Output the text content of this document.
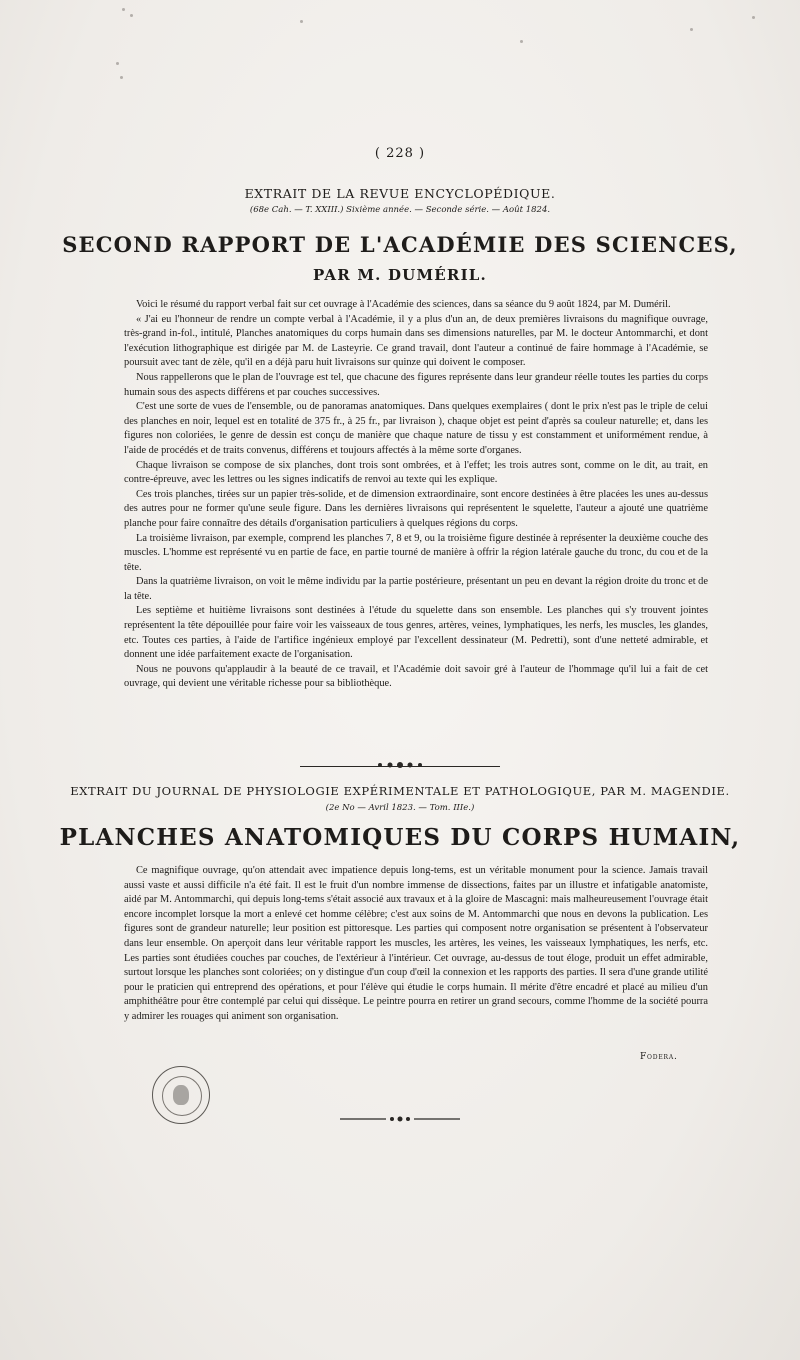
( 228 )
EXTRAIT DE LA REVUE ENCYCLOPÉDIQUE.
(68e Cah. — T. XXIII.) Sixième année. — Seconde série. — Août 1824.
SECOND RAPPORT DE L'ACADÉMIE DES SCIENCES,
PAR M. DUMÉRIL.

Voici le résumé du rapport verbal fait sur cet ouvrage à l'Académie des sciences, dans sa séance du 9 août 1824, par M. Duméril.

« J'ai eu l'honneur de rendre un compte verbal à l'Académie, il y a plus d'un an, de deux premières livraisons du magnifique ouvrage, très-grand in-fol., intitulé, Planches anatomiques du corps humain dans ses dimensions naturelles, par M. le docteur Antommarchi, et dont l'exécution lithographique est dirigée par M. de Lasteyrie. Ce grand travail, dont l'auteur a continué de faire hommage à l'Académie, se poursuit avec tant de zèle, qu'il en a déjà paru huit livraisons sur quinze qui doivent le composer.

Nous rappellerons que le plan de l'ouvrage est tel, que chacune des figures représente dans leur grandeur réelle toutes les parties du corps humain sous des aspects différens et par couches successives.

C'est une sorte de vues de l'ensemble, ou de panoramas anatomiques. Dans quelques exemplaires ( dont le prix n'est pas le triple de celui des planches en noir, lequel est en totalité de 375 fr., à 25 fr., par livraison ), chaque objet est peint d'après sa couleur naturelle; et, dans les figures non coloriées, le genre de dessin est conçu de manière que chaque nature de tissu y est constamment et uniformément rendue, à l'aide de procédés et de traits convenus, différens et toujours affectés à la même sorte d'organes.

Chaque livraison se compose de six planches, dont trois sont ombrées, et à l'effet; les trois autres sont, comme on le dit, au trait, en contre-épreuve, avec les lettres ou les signes indicatifs de renvoi au texte qui les explique.

Ces trois planches, tirées sur un papier très-solide, et de dimension extraordinaire, sont encore destinées à être placées les unes au-dessus des autres pour ne former qu'une seule figure. Dans les dernières livraisons qui représentent le squelette, l'auteur a ajouté une quatrième planche pour faire connaître des détails d'organisation particuliers à quelques régions du corps.

La troisième livraison, par exemple, comprend les planches 7, 8 et 9, ou la troisième figure destinée à représenter la deuxième couche des muscles. L'homme est représenté vu en partie de face, en partie tourné de manière à offrir la région latérale gauche du tronc, du cou et de la tête.

Dans la quatrième livraison, on voit le même individu par la partie postérieure, présentant un peu en devant la région droite du tronc et de la tête.

Les septième et huitième livraisons sont destinées à l'étude du squelette dans son ensemble. Les planches qui s'y trouvent jointes représentent la tête dépouillée pour faire voir les vaisseaux de tous genres, artères, veines, lymphatiques, les nerfs, les muscles, les glandes, etc. Toutes ces parties, à l'aide de l'artifice ingénieux employé par l'excellent dessinateur (M. Pedretti), sont d'une netteté admirable, et donnent une idée parfaitement exacte de l'organisation.

Nous ne pouvons qu'applaudir à la beauté de ce travail, et l'Académie doit savoir gré à l'auteur de l'hommage qu'il lui a fait de cet ouvrage, qui devient une véritable richesse pour sa bibliothèque.

EXTRAIT DU JOURNAL DE PHYSIOLOGIE EXPÉRIMENTALE ET PATHOLOGIQUE, PAR M. MAGENDIE.
(2e No — Avril 1823. — Tom. IIIe.)
PLANCHES ANATOMIQUES DU CORPS HUMAIN,

Ce magnifique ouvrage, qu'on attendait avec impatience depuis long-tems, est un véritable monument pour la science. Jamais travail aussi vaste et aussi difficile n'a été fait. Il est le fruit d'un nombre immense de dissections, faites par un illustre et infatigable anatomiste, aidé par M. Antommarchi, qui depuis long-tems s'était associé aux travaux et à la gloire de Mascagni: mais malheureusement l'ouvrage était encore incomplet lorsque la mort a enlevé cet homme célèbre; c'est aux soins de M. Antommarchi que nous en devons la publication. Les figures sont de grandeur naturelle; leur position est pittoresque. Les parties qui composent notre organisation se présentent à l'observateur dans leur ensemble. On aperçoit dans leur véritable rapport les muscles, les artères, les veines, les vaisseaux lymphatiques, les nerfs, etc. Les parties sont étudiées couches par couches, de l'extérieur à l'intérieur. Cet ouvrage, au-dessus de tout éloge, produit un effet admirable, surtout lorsque les planches sont coloriées; on y distingue d'un coup d'œil la connexion et les rapports des parties. Il sera d'une grande utilité pour le praticien qui entreprend des opérations, et pour l'élève qui étudie le corps humain. Il mérite d'être encadré et placé au milieu d'un amphithéâtre pour être contemplé par celui qui dissèque. Le peintre pourra en retirer un grand secours, comme l'homme de la société pourra y admirer les rouages qui animent son organisation.

Fodera.
